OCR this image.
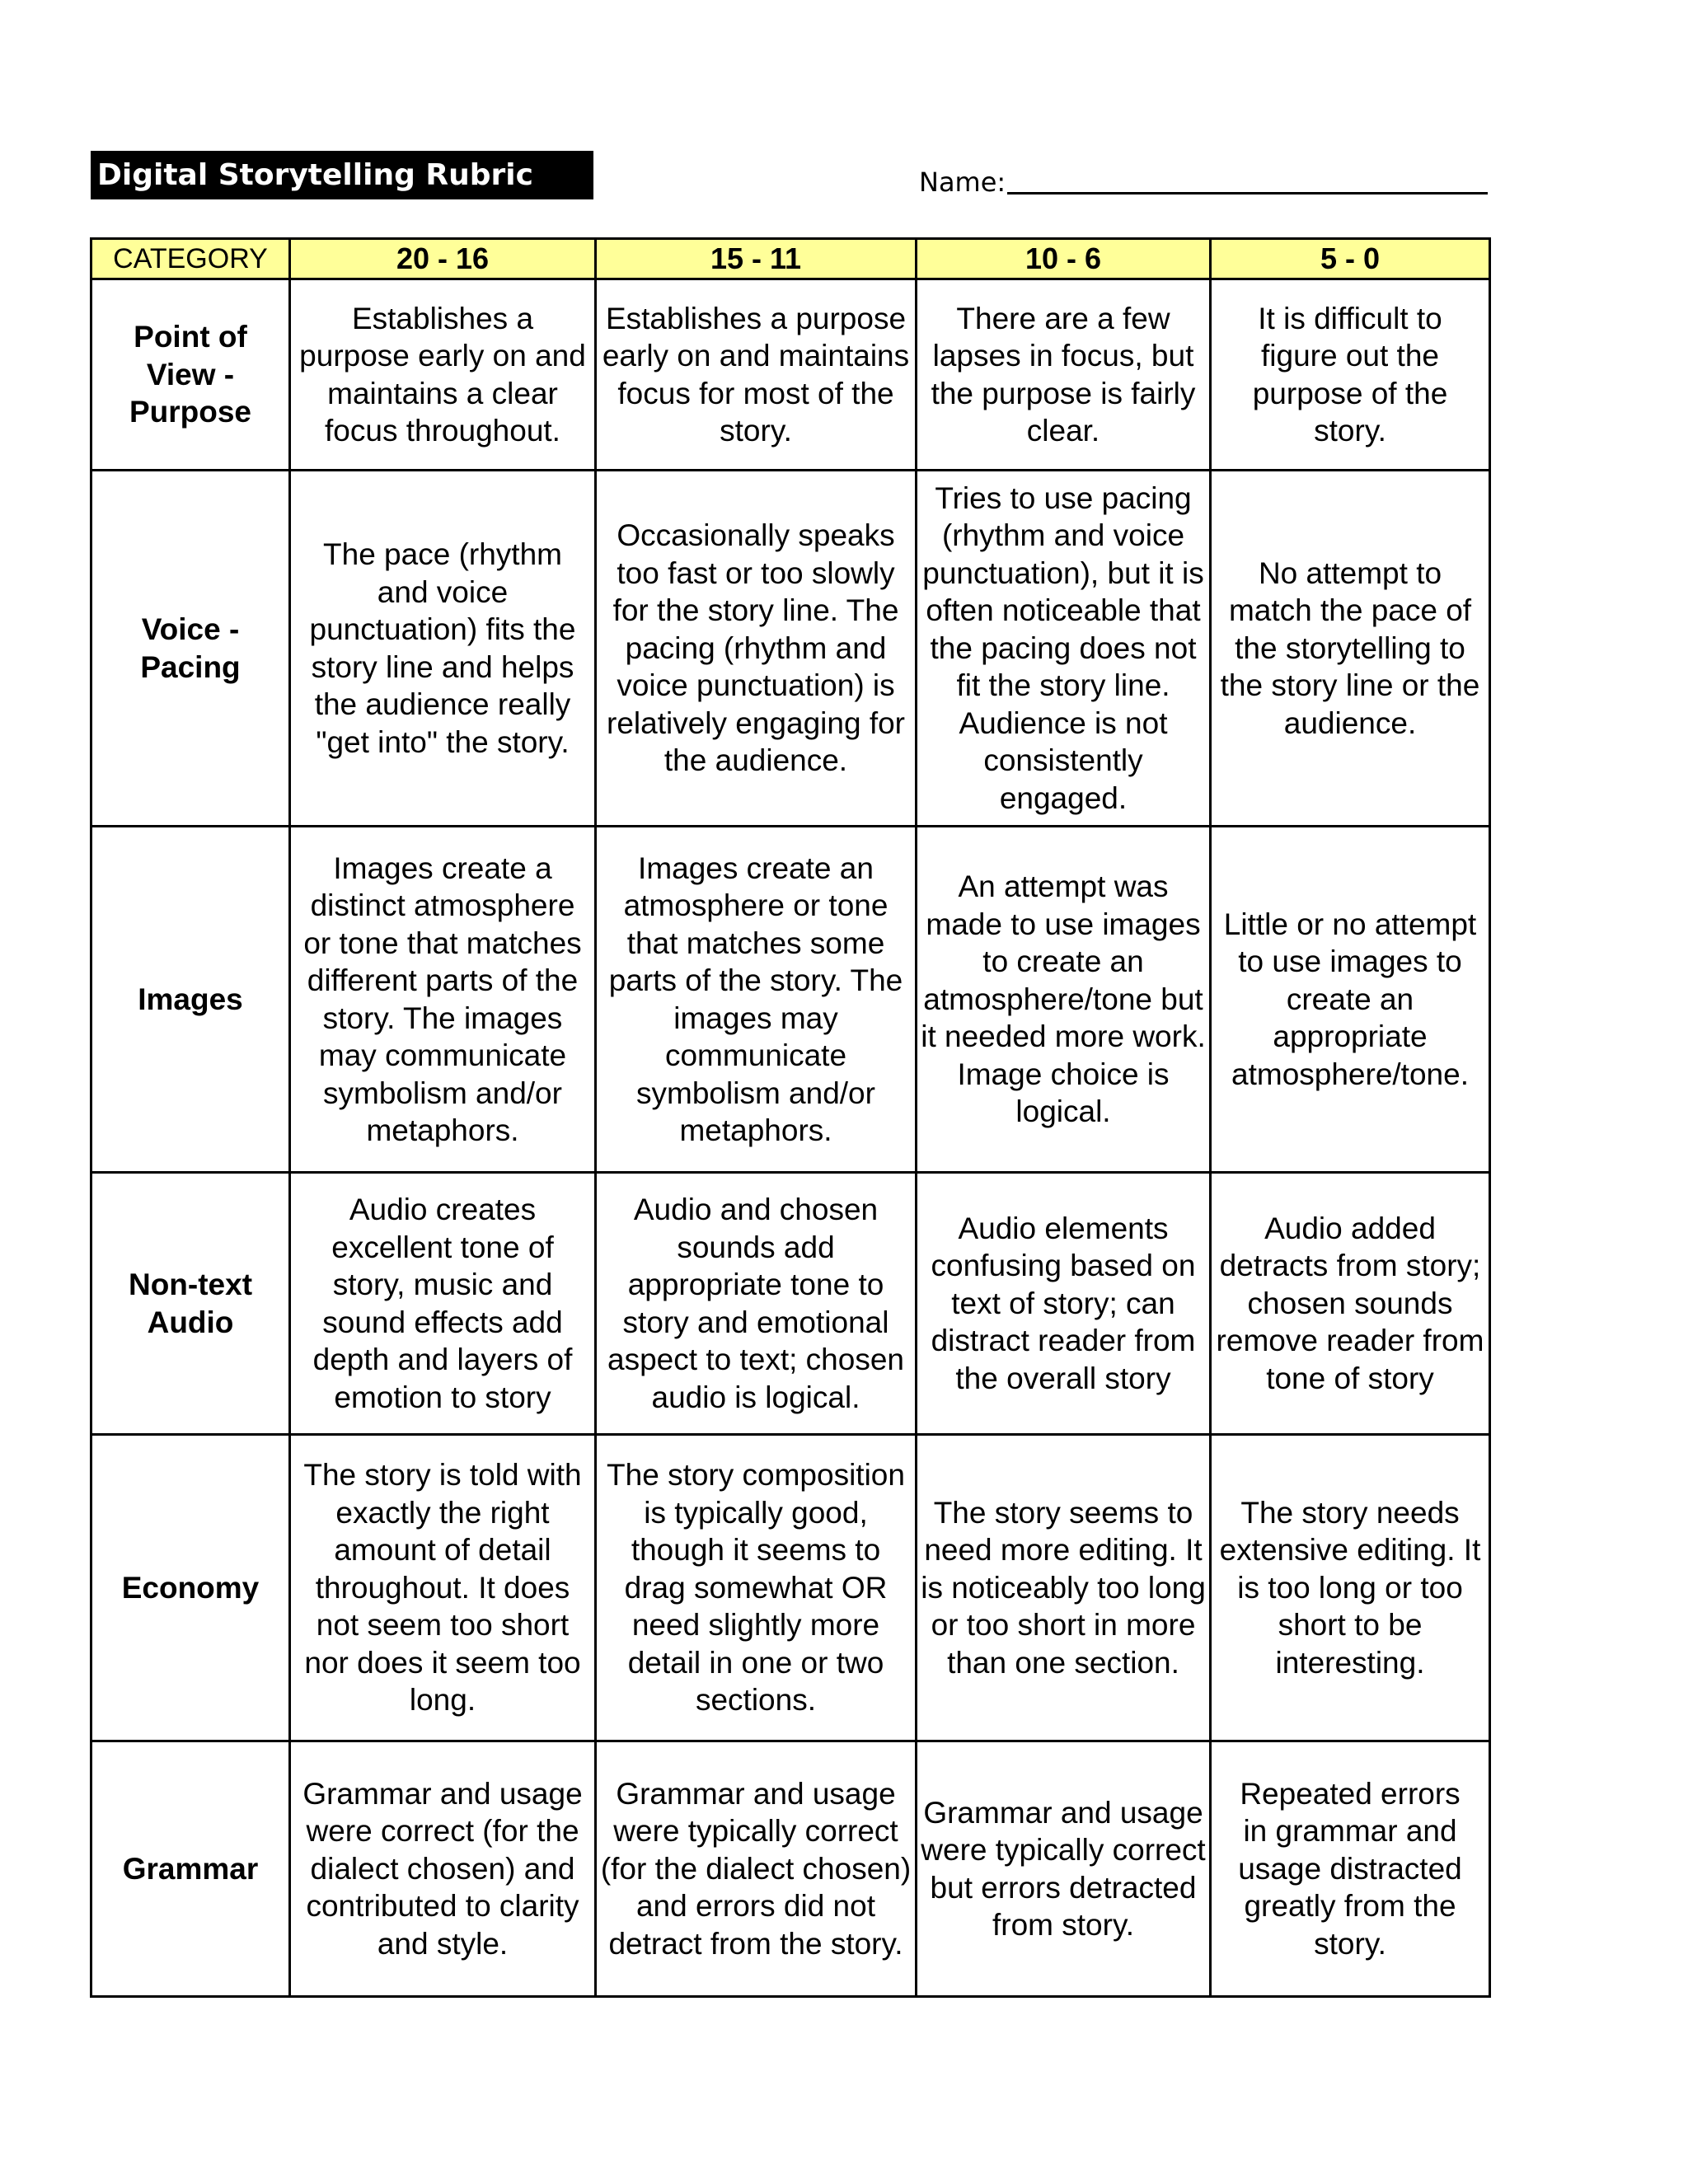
Digital Storytelling Rubric	Name:
CATEGORY	20 - 16	15 - 11	10 - 6	5 - 0
Point of View - Purpose	Establishes a purpose early on and maintains a clear focus throughout.	Establishes a purpose early on and maintains focus for most of the story.	There are a few lapses in focus, but the purpose is fairly clear.	It is difficult to figure out the purpose of the story.
Voice - Pacing	The pace (rhythm and voice punctuation) fits the story line and helps the audience really "get into" the story.	Occasionally speaks too fast or too slowly for the story line. The pacing (rhythm and voice punctuation) is relatively engaging for the audience.	Tries to use pacing (rhythm and voice punctuation), but it is often noticeable that the pacing does not fit the story line. Audience is not consistently engaged.	No attempt to match the pace of the storytelling to the story line or the audience.
Images	Images create a distinct atmosphere or tone that matches different parts of the story. The images may communicate symbolism and/or metaphors.	Images create an atmosphere or tone that matches some parts of the story. The images may communicate symbolism and/or metaphors.	An attempt was made to use images to create an atmosphere/tone but it needed more work. Image choice is logical.	Little or no attempt to use images to create an appropriate atmosphere/tone.
Non-text Audio	Audio creates excellent tone of story, music and sound effects add depth and layers of emotion to story	Audio and chosen sounds add appropriate tone to story and emotional aspect to text; chosen audio is logical.	Audio elements confusing based on text of story; can distract reader from the overall story	Audio added detracts from story; chosen sounds remove reader from tone of story
Economy	The story is told with exactly the right amount of detail throughout. It does not seem too short nor does it seem too long.	The story composition is typically good, though it seems to drag somewhat OR need slightly more detail in one or two sections.	The story seems to need more editing. It is noticeably too long or too short in more than one section.	The story needs extensive editing. It is too long or too short to be interesting.
Grammar	Grammar and usage were correct (for the dialect chosen) and contributed to clarity and style.	Grammar and usage were typically correct (for the dialect chosen) and errors did not detract from the story.	Grammar and usage were typically correct but errors detracted from story.	Repeated errors in grammar and usage distracted greatly from the story.
